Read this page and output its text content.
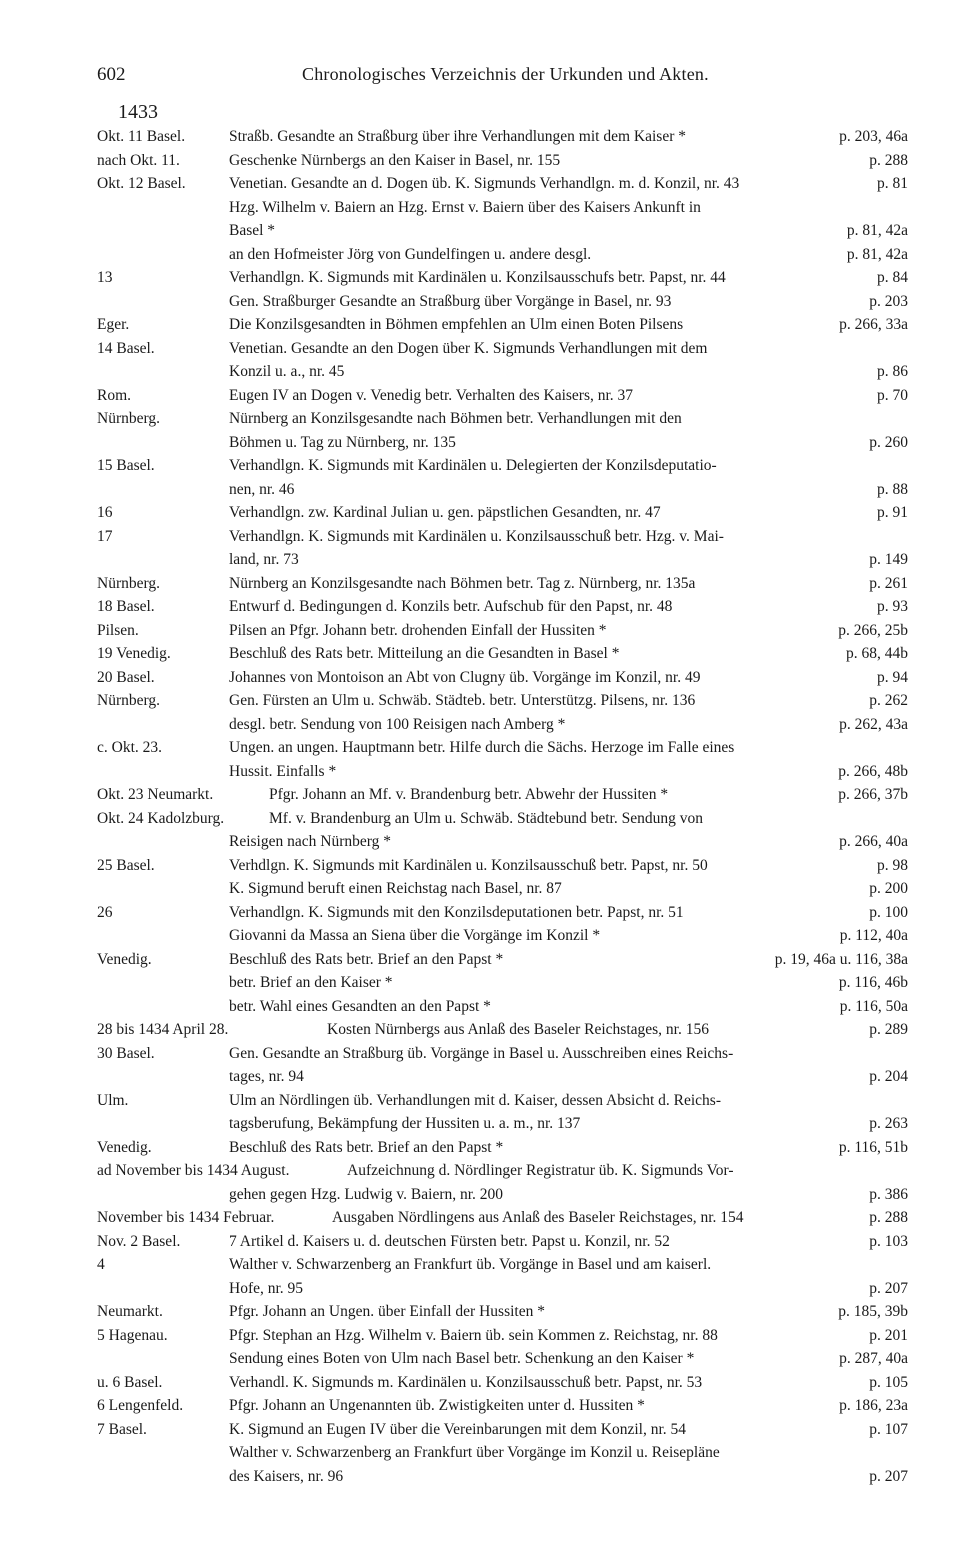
602	Chronologisches Verzeichnis der Urkunden und Akten.
1433
Okt. 11 Basel.	Straßb. Gesandte an Straßburg über ihre Verhandlungen mit dem Kaiser *	p. 203, 46a
nach Okt. 11.	Geschenke Nürnbergs an den Kaiser in Basel, nr. 155	p. 288
Okt. 12 Basel.	Venetian. Gesandte an d. Dogen üb. K. Sigmunds Verhandlgn. m. d. Konzil, nr. 43	p. 81
Hzg. Wilhelm v. Baiern an Hzg. Ernst v. Baiern über des Kaisers Ankunft in
Basel *	p. 81, 42a
an den Hofmeister Jörg von Gundelfingen u. andere desgl.	p. 81, 42a
13	Verhandlgn. K. Sigmunds mit Kardinälen u. Konzilsausschufs betr. Papst, nr. 44	p. 84
Gen. Straßburger Gesandte an Straßburg über Vorgänge in Basel, nr. 93	p. 203
Eger.	Die Konzilsgesandten in Böhmen empfehlen an Ulm einen Boten Pilsens	p. 266, 33a
14 Basel.	Venetian. Gesandte an den Dogen über K. Sigmunds Verhandlungen mit dem
Konzil u. a., nr. 45	p. 86
Rom.	Eugen IV an Dogen v. Venedig betr. Verhalten des Kaisers, nr. 37	p. 70
Nürnberg.	Nürnberg an Konzilsgesandte nach Böhmen betr. Verhandlungen mit den
Böhmen u. Tag zu Nürnberg, nr. 135	p. 260
15 Basel.	Verhandlgn. K. Sigmunds mit Kardinälen u. Delegierten der Konzilsdeputatio-
nen, nr. 46	p. 88
16	Verhandlgn. zw. Kardinal Julian u. gen. päpstlichen Gesandten, nr. 47	p. 91
17	Verhandlgn. K. Sigmunds mit Kardinälen u. Konzilsausschuß betr. Hzg. v. Mai-
land, nr. 73	p. 149
Nürnberg.	Nürnberg an Konzilsgesandte nach Böhmen betr. Tag z. Nürnberg, nr. 135a	p. 261
18 Basel.	Entwurf d. Bedingungen d. Konzils betr. Aufschub für den Papst, nr. 48	p. 93
Pilsen.	Pilsen an Pfgr. Johann betr. drohenden Einfall der Hussiten *	p. 266, 25b
19 Venedig.	Beschluß des Rats betr. Mitteilung an die Gesandten in Basel *	p. 68, 44b
20 Basel.	Johannes von Montoison an Abt von Clugny üb. Vorgänge im Konzil, nr. 49	p. 94
Nürnberg.	Gen. Fürsten an Ulm u. Schwäb. Städteb. betr. Unterstützg. Pilsens, nr. 136	p. 262
desgl. betr. Sendung von 100 Reisigen nach Amberg *	p. 262, 43a
c. Okt. 23.	Ungen. an ungen. Hauptmann betr. Hilfe durch die Sächs. Herzoge im Falle eines
Hussit. Einfalls *	p. 266, 48b
Okt. 23 Neumarkt.	Pfgr. Johann an Mf. v. Brandenburg betr. Abwehr der Hussiten *	p. 266, 37b
Okt. 24 Kadolzburg.	Mf. v. Brandenburg an Ulm u. Schwäb. Städtebund betr. Sendung von
Reisigen nach Nürnberg *	p. 266, 40a
25 Basel.	Verhdlgn. K. Sigmunds mit Kardinälen u. Konzilsausschuß betr. Papst, nr. 50	p. 98
K. Sigmund beruft einen Reichstag nach Basel, nr. 87	p. 200
26	Verhandlgn. K. Sigmunds mit den Konzilsdeputationen betr. Papst, nr. 51	p. 100
Giovanni da Massa an Siena über die Vorgänge im Konzil *	p. 112, 40a
Venedig.	Beschluß des Rats betr. Brief an den Papst *	p. 19, 46a u. 116, 38a
betr. Brief an den Kaiser *	p. 116, 46b
betr. Wahl eines Gesandten an den Papst *	p. 116, 50a
28 bis 1434 April 28.	Kosten Nürnbergs aus Anlaß des Baseler Reichstages, nr. 156	p. 289
30 Basel.	Gen. Gesandte an Straßburg üb. Vorgänge in Basel u. Ausschreiben eines Reichs-
tages, nr. 94	p. 204
Ulm.	Ulm an Nördlingen üb. Verhandlungen mit d. Kaiser, dessen Absicht d. Reichs-
tagsberufung, Bekämpfung der Hussiten u. a. m., nr. 137	p. 263
Venedig.	Beschluß des Rats betr. Brief an den Papst *	p. 116, 51b
ad November bis 1434 August.	Aufzeichnung d. Nördlinger Registratur üb. K. Sigmunds Vor-
gehen gegen Hzg. Ludwig v. Baiern, nr. 200	p. 386
November bis 1434 Februar.	Ausgaben Nördlingens aus Anlaß des Baseler Reichstages, nr. 154	p. 288
Nov. 2 Basel.	7 Artikel d. Kaisers u. d. deutschen Fürsten betr. Papst u. Konzil, nr. 52	p. 103
4	Walther v. Schwarzenberg an Frankfurt üb. Vorgänge in Basel und am kaiserl.
Hofe, nr. 95	p. 207
Neumarkt.	Pfgr. Johann an Ungen. über Einfall der Hussiten *	p. 185, 39b
5 Hagenau.	Pfgr. Stephan an Hzg. Wilhelm v. Baiern üb. sein Kommen z. Reichstag, nr. 88	p. 201
Sendung eines Boten von Ulm nach Basel betr. Schenkung an den Kaiser *	p. 287, 40a
u. 6 Basel.	Verhandl. K. Sigmunds m. Kardinälen u. Konzilsausschuß betr. Papst, nr. 53	p. 105
6 Lengenfeld.	Pfgr. Johann an Ungenannten üb. Zwistigkeiten unter d. Hussiten *	p. 186, 23a
7 Basel.	K. Sigmund an Eugen IV über die Vereinbarungen mit dem Konzil, nr. 54	p. 107
Walther v. Schwarzenberg an Frankfurt über Vorgänge im Konzil u. Reisepläne
des Kaisers, nr. 96	p. 207
